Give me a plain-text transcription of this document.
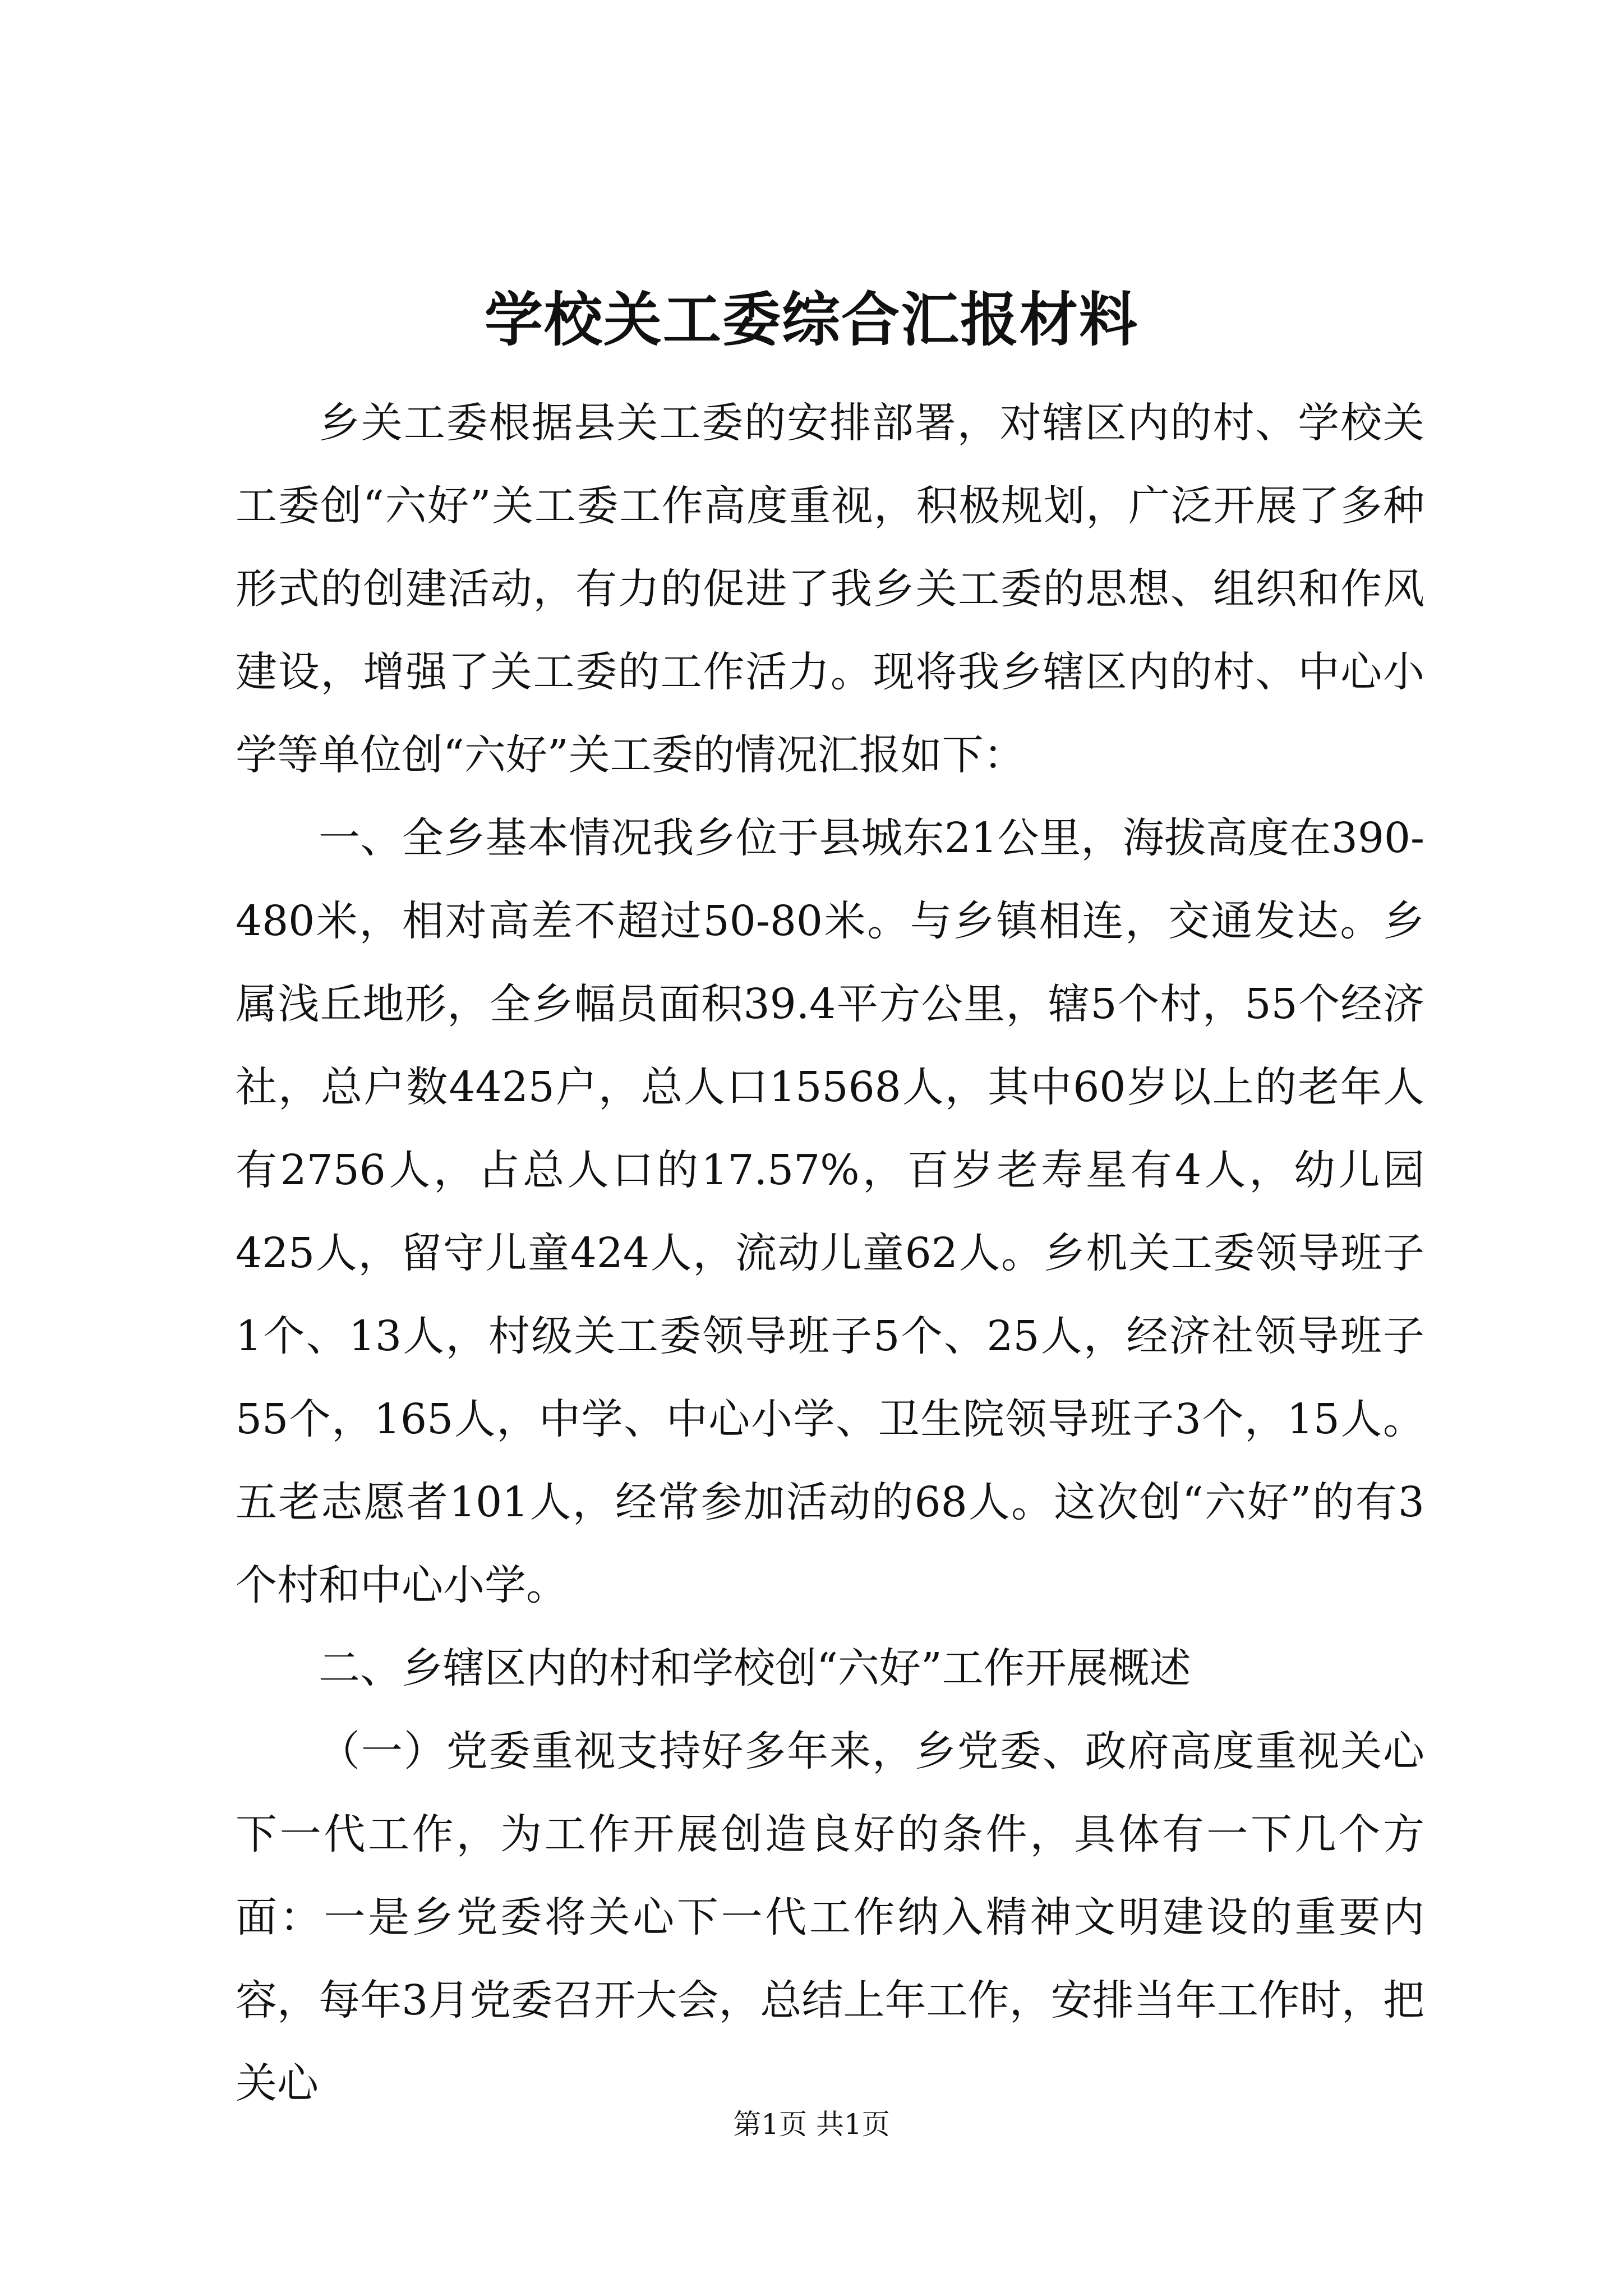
学校关工委综合汇报材料

乡关工委根据县关工委的安排部署，对辖区内的村、学校关工委创“六好”关工委工作高度重视，积极规划，广泛开展了多种形式的创建活动，有力的促进了我乡关工委的思想、组织和作风建设，增强了关工委的工作活力。现将我乡辖区内的村、中心小学等单位创“六好”关工委的情况汇报如下：

一、全乡基本情况我乡位于县城东21公里，海拔高度在390-480米，相对高差不超过50-80米。与乡镇相连，交通发达。乡属浅丘地形，全乡幅员面积39.4平方公里，辖5个村，55个经济社，总户数4425户，总人口15568人，其中60岁以上的老年人有2756人，占总人口的17.57%，百岁老寿星有4人，幼儿园425人，留守儿童424人，流动儿童62人。乡机关工委领导班子1个、13人，村级关工委领导班子5个、25人，经济社领导班子55个，165人，中学、中心小学、卫生院领导班子3个，15人。五老志愿者101人，经常参加活动的68人。这次创“六好”的有3个村和中心小学。

二、乡辖区内的村和学校创“六好”工作开展概述

（一）党委重视支持好多年来，乡党委、政府高度重视关心下一代工作，为工作开展创造良好的条件，具体有一下几个方面：一是乡党委将关心下一代工作纳入精神文明建设的重要内容，每年3月党委召开大会，总结上年工作，安排当年工作时，把关心

第1页 共1页
